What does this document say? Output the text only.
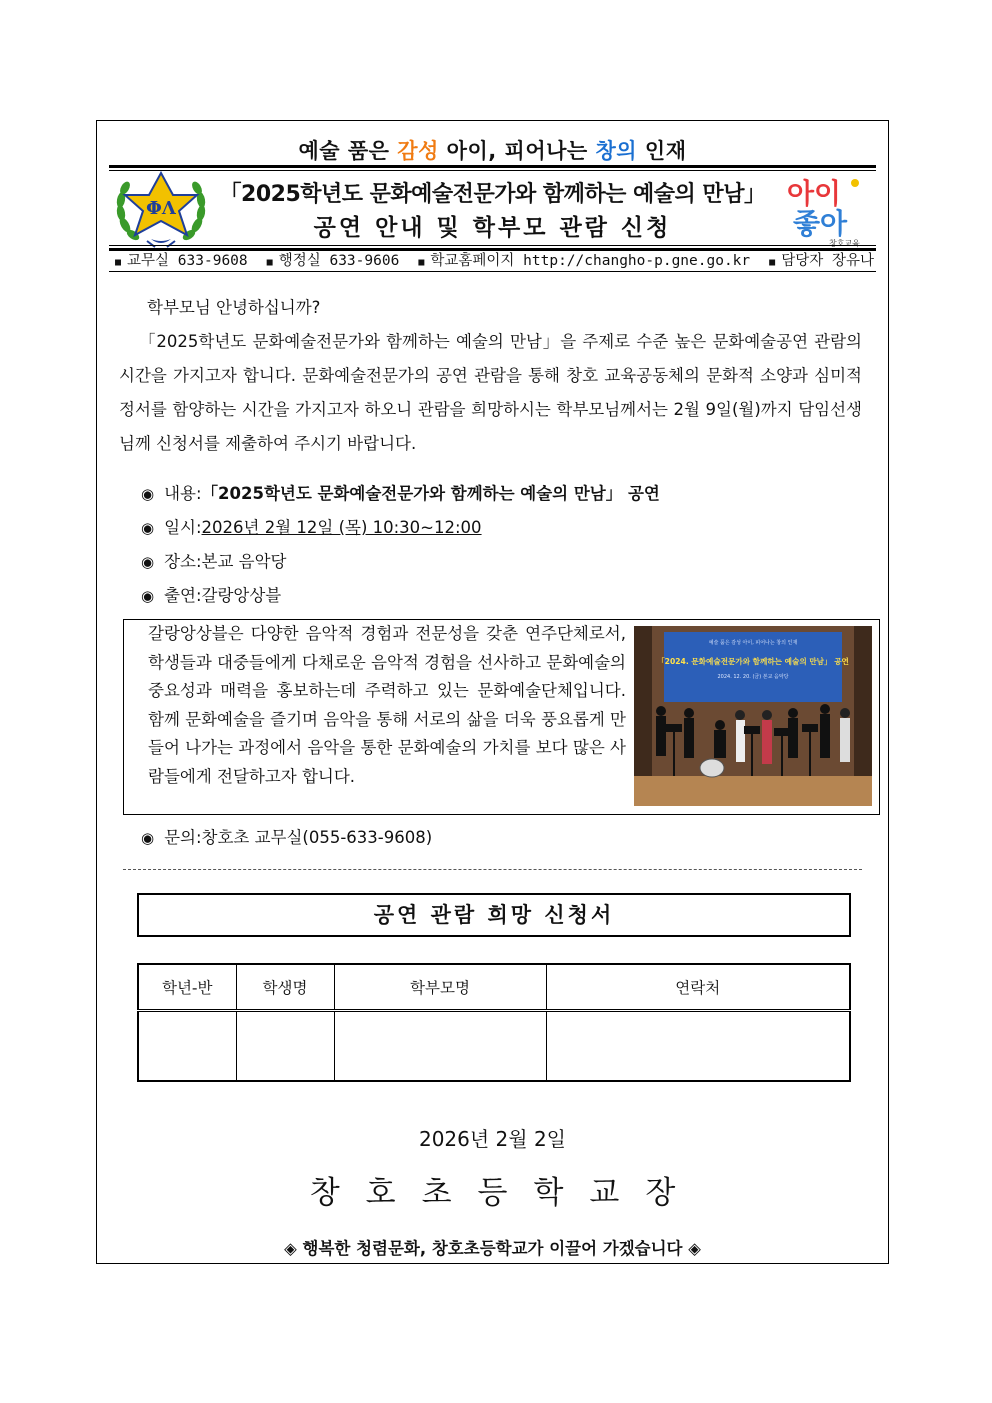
예술 품은 감성 아이, 피어나는 창의 인재
ΦΛ
「2025학년도 문화예술전문가와 함께하는 예술의 만남」
공연 안내 및 학부모 관람 신청
아이
좋아
창호교육
■ 교무실 633-9608	■ 행정실 633-9606	■ 학교홈페이지 http://changho-p.gne.go.kr	■ 담당자 장유나

학부모님 안녕하십니까?

「2025학년도 문화예술전문가와 함께하는 예술의 만남」을 주제로 수준 높은 문화예술공연 관람의 시간을 가지고자 합니다. 문화예술전문가의 공연 관람을 통해 창호 교육공동체의 문화적 소양과 심미적 정서를 함양하는 시간을 가지고자 하오니 관람을 희망하시는 학부모님께서는 2월 9일(월)까지 담임선생님께 신청서를 제출하여 주시기 바랍니다.

◉ 내용: 「2025학년도 문화예술전문가와 함께하는 예술의 만남」 공연
◉ 일시: 2026년 2월 12일 (목) 10:30~12:00
◉ 장소: 본교 음악당
◉ 출연: 갈랑앙상블
갈랑앙상블은 다양한 음악적 경험과 전문성을 갖춘 연주단체로서, 학생들과 대중들에게 다채로운 음악적 경험을 선사하고 문화예술의 중요성과 매력을 홍보하는데 주력하고 있는 문화예술단체입니다. 함께 문화예술을 즐기며 음악을 통해 서로의 삶을 더욱 풍요롭게 만들어 나가는 과정에서 음악을 통한 문화예술의 가치를 보다 많은 사람들에게 전달하고자 합니다.
예술 품은 감성 아이, 피어나는 창의 인재
「2024. 문화예술전문가와 함께하는 예술의 만남」 공연
2024. 12. 20. (금) 본교 음악당
◉ 문의: 창호초 교무실(055-633-9608)
공연 관람 희망 신청서
학년-반	학생명	학부모명	연락처

2026년 2월 2일
창호초등학교장
◈ 행복한 청렴문화, 창호초등학교가 이끌어 가겠습니다 ◈
